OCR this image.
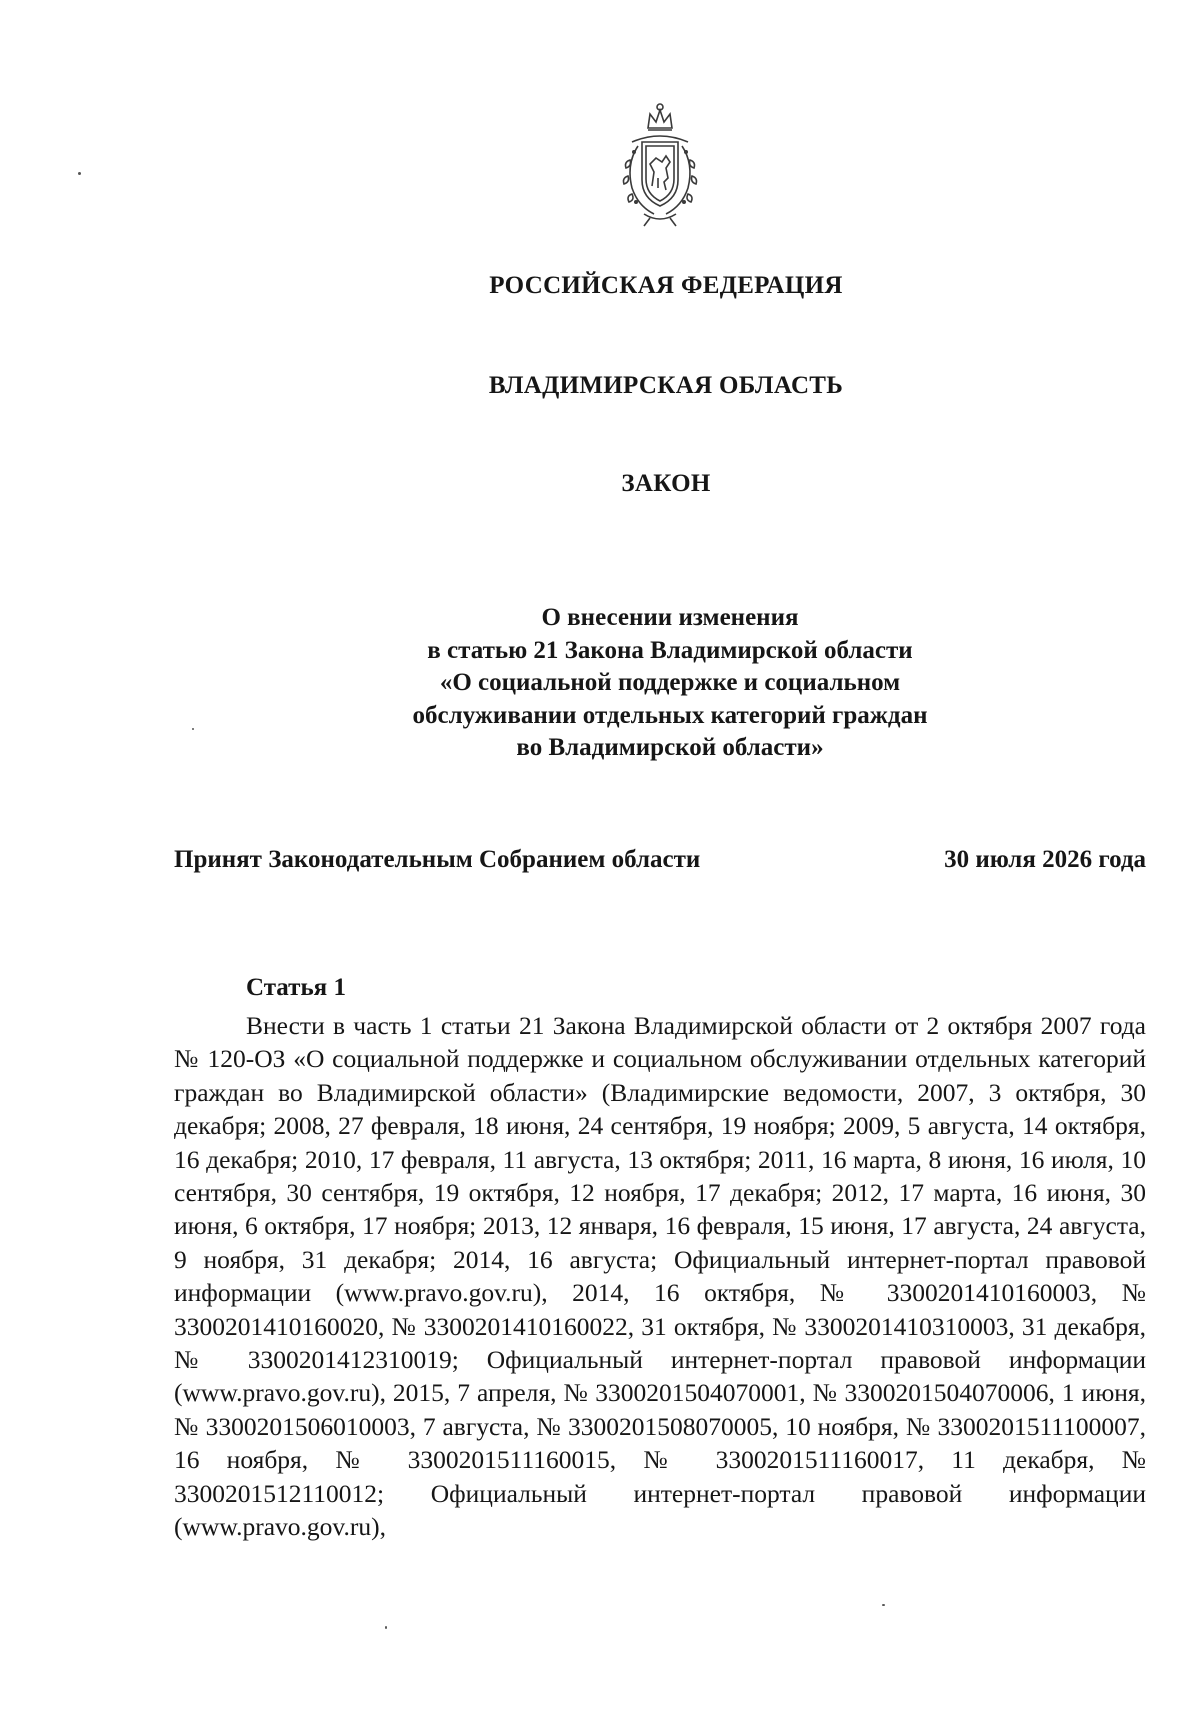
РОССИЙСКАЯ ФЕДЕРАЦИЯ
ВЛАДИМИРСКАЯ ОБЛАСТЬ
ЗАКОН
О внесении изменения
в статью 21 Закона Владимирской области
«О социальной поддержке и социальном
обслуживании отдельных категорий граждан
во Владимирской области»
Принят Законодательным Собранием области	30 июля 2026 года
Статья 1
Внести в часть 1 статьи 21 Закона Владимирской области от 2 октября 2007 года № 120-ОЗ «О социальной поддержке и социальном обслуживании отдельных категорий граждан во Владимирской области» (Владимирские ведомости, 2007, 3 октября, 30 декабря; 2008, 27 февраля, 18 июня, 24 сентября, 19 ноября; 2009, 5 августа, 14 октября, 16 декабря; 2010, 17 февраля, 11 августа, 13 октября; 2011, 16 марта, 8 июня, 16 июля, 10 сентября, 30 сентября, 19 октября, 12 ноября, 17 декабря; 2012, 17 марта, 16 июня, 30 июня, 6 октября, 17 ноября; 2013, 12 января, 16 февраля, 15 июня, 17 августа, 24 августа, 9 ноября, 31 декабря; 2014, 16 августа; Официальный интернет-портал правовой информации (www.pravo.gov.ru), 2014, 16 октября, № 3300201410160003, № 3300201410160020, № 3300201410160022, 31 октября, № 3300201410310003, 31 декабря, № 3300201412310019; Официальный интернет-портал правовой информации (www.pravo.gov.ru), 2015, 7 апреля, № 3300201504070001, № 3300201504070006, 1 июня, № 3300201506010003, 7 августа, № 3300201508070005, 10 ноября, № 3300201511100007, 16 ноября, № 3300201511160015, № 3300201511160017, 11 декабря, № 3300201512110012; Официальный интернет-портал правовой информации (www.pravo.gov.ru),
